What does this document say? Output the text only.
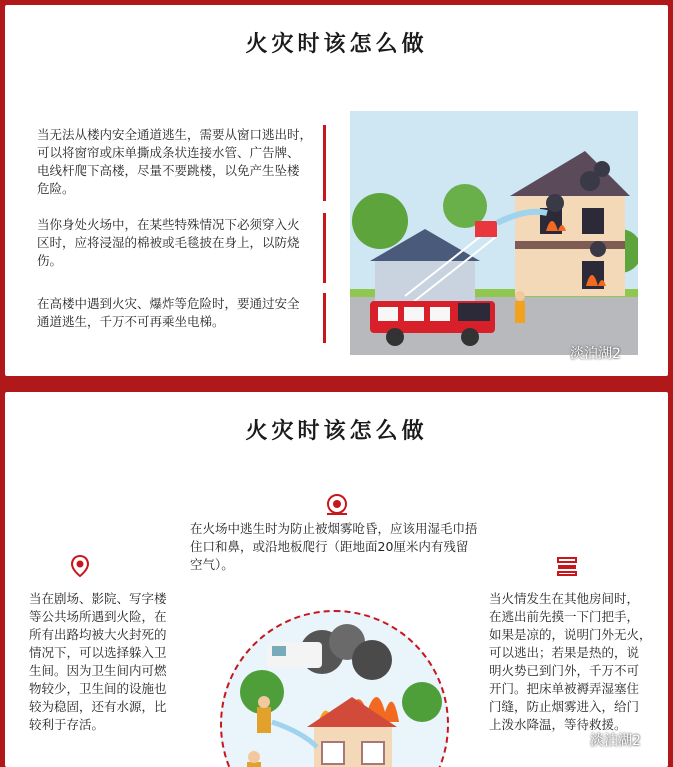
火灾时该怎么做
当无法从楼内安全通道逃生，需要从窗口逃出时，
可以将窗帘或床单撕成条状连接水管、广告牌、
电线杆爬下高楼，尽量不要跳楼，以免产生坠楼
危险。
当你身处火场中，在某些特殊情况下必须穿入火
区时，应将浸湿的棉被或毛毯披在身上，以防烧
伤。
在高楼中遇到火灾、爆炸等危险时，要通过安全
通道逃生，千万不可再乘坐电梯。
淡泊湖2
火灾时该怎么做
在火场中逃生时为防止被烟雾呛昏，应该用湿毛巾捂
住口和鼻，或沿地板爬行（距地面20厘米内有残留
空气）。
当在剧场、影院、写字楼
等公共场所遇到火险，在
所有出路均被大火封死的
情况下，可以选择躲入卫
生间。因为卫生间内可燃
物较少，卫生间的设施也
较为稳固，还有水源，比
较利于存活。
当火情发生在其他房间时，
在逃出前先摸一下门把手，
如果是凉的，说明门外无火，
可以逃出；若果是热的，说
明火势已到门外，千万不可
开门。把床单被褥弄湿塞住
门缝，防止烟雾进入，给门
上泼水降温，等待救援。
淡泊湖2
